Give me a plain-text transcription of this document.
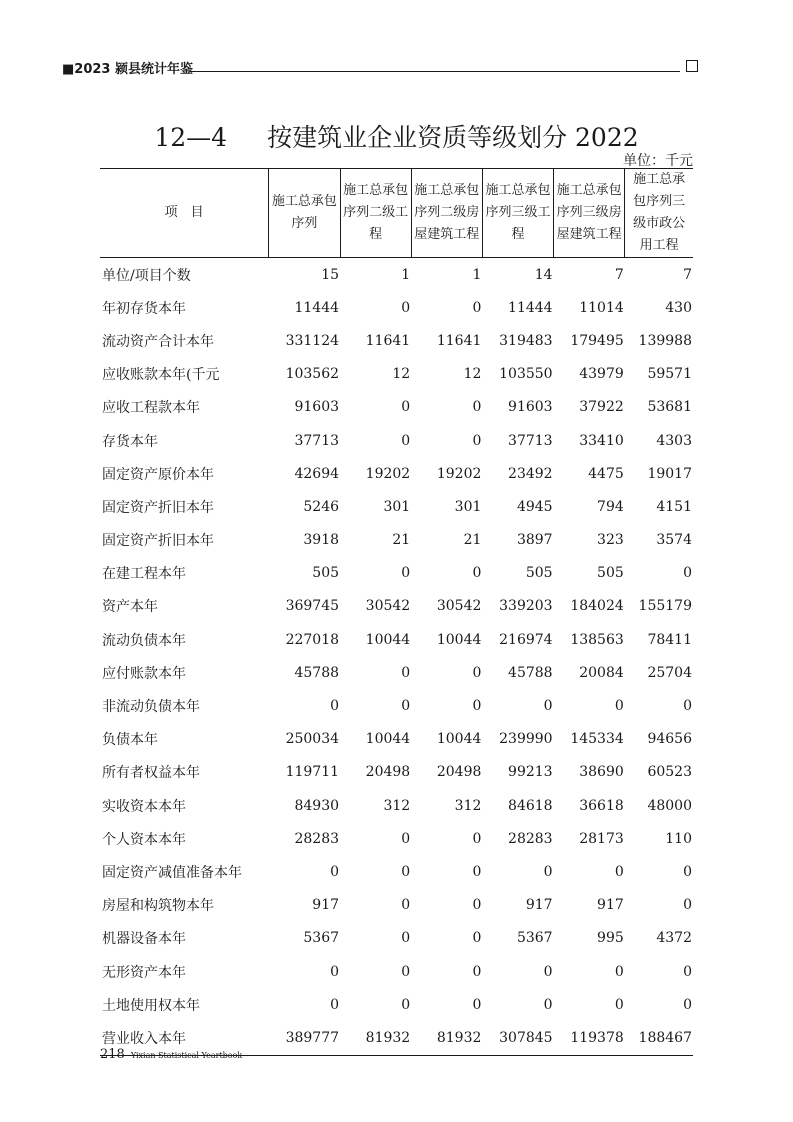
■2023 颍县统计年鉴
12—4 按建筑业企业资质等级划分 2022
单位：千元
项　目	施工总承包序列	施工总承包序列二级工程	施工总承包序列二级房屋建筑工程	施工总承包序列三级工程	施工总承包序列三级房屋建筑工程	施工总承包序列三级市政公用工程
单位/项目个数	15	1	1	14	7	7
年初存货本年	11444	0	0	11444	11014	430
流动资产合计本年	331124	11641	11641	319483	179495	139988
应收账款本年(千元	103562	12	12	103550	43979	59571
应收工程款本年	91603	0	0	91603	37922	53681
存货本年	37713	0	0	37713	33410	4303
固定资产原价本年	42694	19202	19202	23492	4475	19017
固定资产折旧本年	5246	301	301	4945	794	4151
固定资产折旧本年	3918	21	21	3897	323	3574
在建工程本年	505	0	0	505	505	0
资产本年	369745	30542	30542	339203	184024	155179
流动负债本年	227018	10044	10044	216974	138563	78411
应付账款本年	45788	0	0	45788	20084	25704
非流动负债本年	0	0	0	0	0	0
负债本年	250034	10044	10044	239990	145334	94656
所有者权益本年	119711	20498	20498	99213	38690	60523
实收资本本年	84930	312	312	84618	36618	48000
个人资本本年	28283	0	0	28283	28173	110
固定资产减值准备本年	0	0	0	0	0	0
房屋和构筑物本年	917	0	0	917	917	0
机器设备本年	5367	0	0	5367	995	4372
无形资产本年	0	0	0	0	0	0
土地使用权本年	0	0	0	0	0	0
营业收入本年	389777	81932	81932	307845	119378	188467
218 Yixian Statistical Yeartbook
